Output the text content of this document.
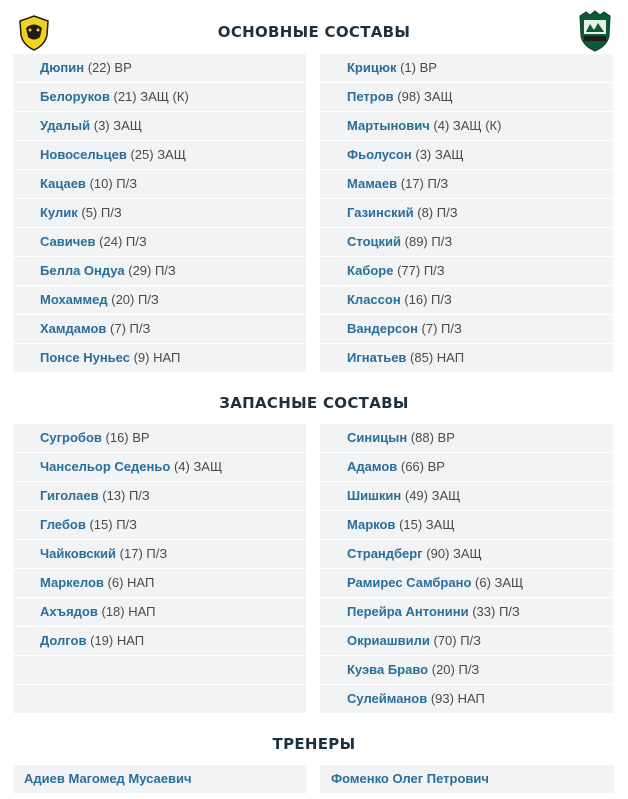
ОСНОВНЫЕ СОСТАВЫ
ЗАПАСНЫЕ СОСТАВЫ
ТРЕНЕРЫ
Дюпин (22) ВР
Белоруков (21) ЗАЩ (К)
Удалый (3) ЗАЩ
Новосельцев (25) ЗАЩ
Кацаев (10) П/З
Кулик (5) П/З
Савичев (24) П/З
Белла Ондуа (29) П/З
Мохаммед (20) П/З
Хамдамов (7) П/З
Понсе Нуньес (9) НАП
Крицюк (1) ВР
Петров (98) ЗАЩ
Мартынович (4) ЗАЩ (К)
Фьолусон (3) ЗАЩ
Мамаев (17) П/З
Газинский (8) П/З
Стоцкий (89) П/З
Каборе (77) П/З
Классон (16) П/З
Вандерсон (7) П/З
Игнатьев (85) НАП
Сугробов (16) ВР
Чансельор Седеньо (4) ЗАЩ
Гиголаев (13) П/З
Глебов (15) П/З
Чайковский (17) П/З
Маркелов (6) НАП
Ахъядов (18) НАП
Долгов (19) НАП
Синицын (88) ВР
Адамов (66) ВР
Шишкин (49) ЗАЩ
Марков (15) ЗАЩ
Страндберг (90) ЗАЩ
Рамирес Самбрано (6) ЗАЩ
Перейра Антонини (33) П/З
Окриашвили (70) П/З
Куэва Браво (20) П/З
Сулейманов (93) НАП
Адиев Магомед Мусаевич	Фоменко Олег Петрович
